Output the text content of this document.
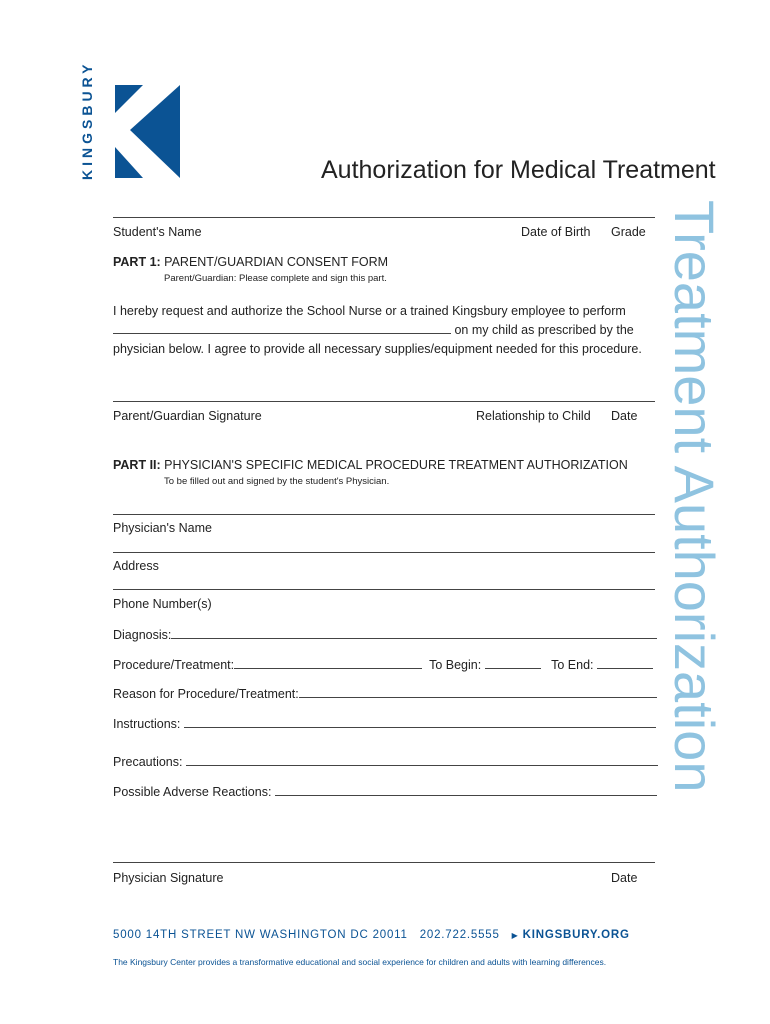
KINGSBURY	Authorization for Medical Treatment
Treatment Authorization
Student's Name	Date of Birth Grade
PART 1: PARENT/GUARDIAN CONSENT FORM
Parent/Guardian: Please complete and sign this part.
I hereby request and authorize the School Nurse or a trained Kingsbury employee to perform
on my child as prescribed by the
physician below. I agree to provide all necessary supplies/equipment needed for this procedure.
Parent/Guardian Signature	Relationship to Child Date
PART II: PHYSICIAN'S SPECIFIC MEDICAL PROCEDURE TREATMENT AUTHORIZATION
To be filled out and signed by the student's Physician.
Physician's Name
Address
Phone Number(s)
Diagnosis:
Procedure/Treatment:	To Begin:	To End:
Reason for Procedure/Treatment:
Instructions:
Precautions:
Possible Adverse Reactions:
Physician Signature	Date
5000 14TH STREET NW WASHINGTON DC 20011 202.722.5555 ▶ KINGSBURY.ORG
The Kingsbury Center provides a transformative educational and social experience for children and adults with learning differences.
